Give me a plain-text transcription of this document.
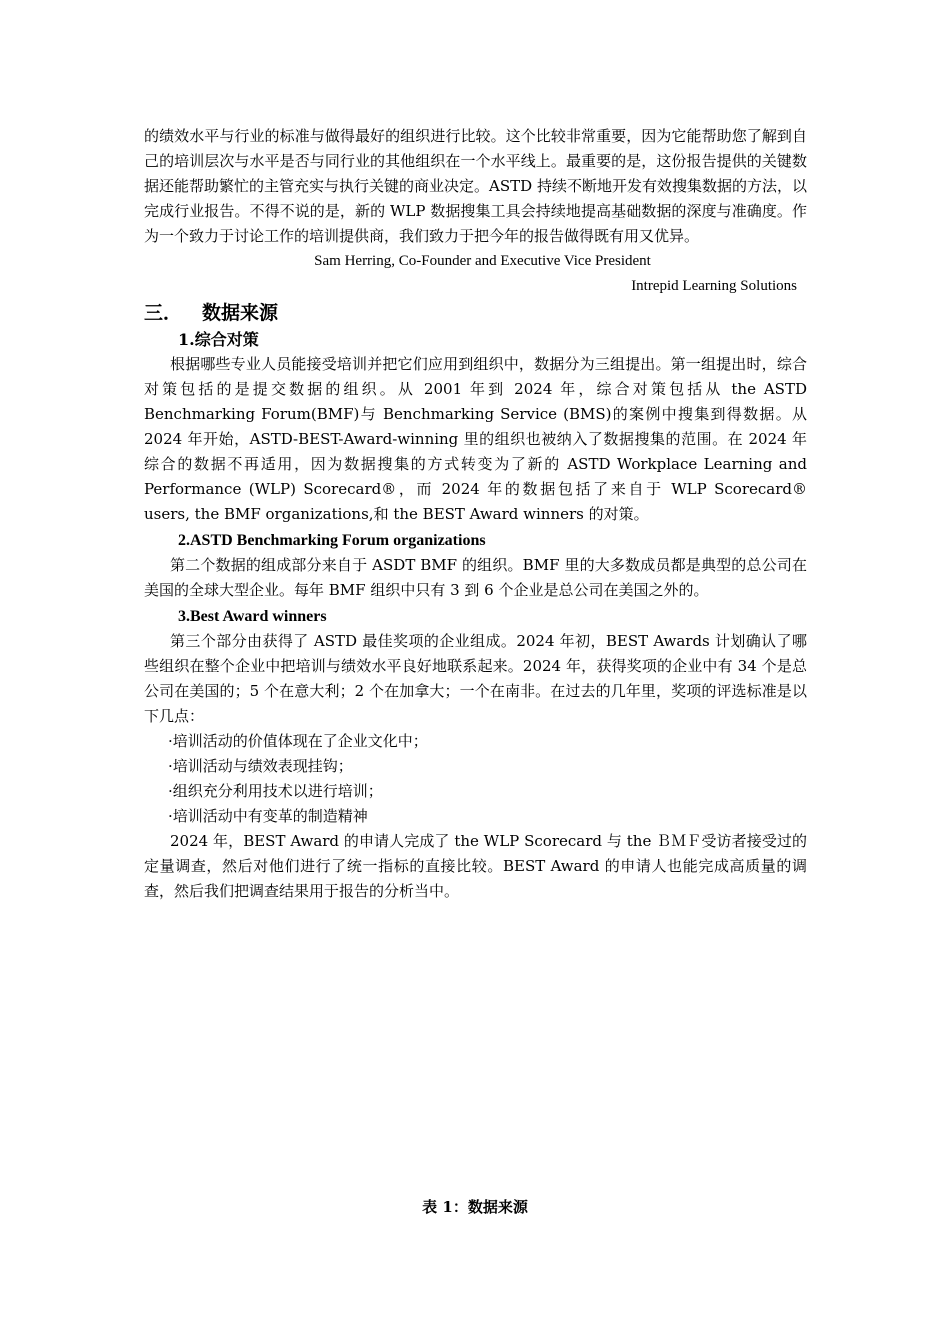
的绩效水平与行业的标准与做得最好的组织进行比较。这个比较非常重要，因为它能帮助您了解到自己的培训层次与水平是否与同行业的其他组织在一个水平线上。最重要的是，这份报告提供的关键数据还能帮助繁忙的主管充实与执行关键的商业决定。ASTD 持续不断地开发有效搜集数据的方法，以完成行业报告。不得不说的是，新的 WLP 数据搜集工具会持续地提高基础数据的深度与准确度。作为一个致力于讨论工作的培训提供商，我们致力于把今年的报告做得既有用又优异。

Sam Herring, Co-Founder and Executive Vice President

Intrepid Learning Solutions

三．	数据来源
1.综合对策

根据哪些专业人员能接受培训并把它们应用到组织中，数据分为三组提出。第一组提出时，综合对策包括的是提交数据的组织。从 2001 年到 2024 年，综合对策包括从 the ASTD Benchmarking Forum(BMF)与 Benchmarking Service (BMS)的案例中搜集到得数据。从 2024 年开始，ASTD-BEST-Award-winning 里的组织也被纳入了数据搜集的范围。在 2024 年综合的数据不再适用，因为数据搜集的方式转变为了新的 ASTD Workplace Learning and Performance (WLP) Scorecard®，而 2024 年的数据包括了来自于 WLP Scorecard® users, the BMF organizations,和 the BEST Award winners 的对策。

2.ASTD Benchmarking Forum organizations

第二个数据的组成部分来自于 ASDT BMF 的组织。BMF 里的大多数成员都是典型的总公司在美国的全球大型企业。每年 BMF 组织中只有 3 到 6 个企业是总公司在美国之外的。

3.Best Award winners

第三个部分由获得了 ASTD 最佳奖项的企业组成。2024 年初，BEST Awards 计划确认了哪些组织在整个企业中把培训与绩效水平良好地联系起来。2024 年，获得奖项的企业中有 34 个是总公司在美国的；5 个在意大利；2 个在加拿大；一个在南非。在过去的几年里，奖项的评选标准是以下几点：

·培训活动的价值体现在了企业文化中；

·培训活动与绩效表现挂钩；

·组织充分利用技术以进行培训；

·培训活动中有变革的制造精神

2024 年，BEST Award 的申请人完成了 the WLP Scorecard 与 the ＢＭＦ受访者接受过的定量调查，然后对他们进行了统一指标的直接比较。BEST Award 的申请人也能完成高质量的调查，然后我们把调查结果用于报告的分析当中。

表 1：数据来源
